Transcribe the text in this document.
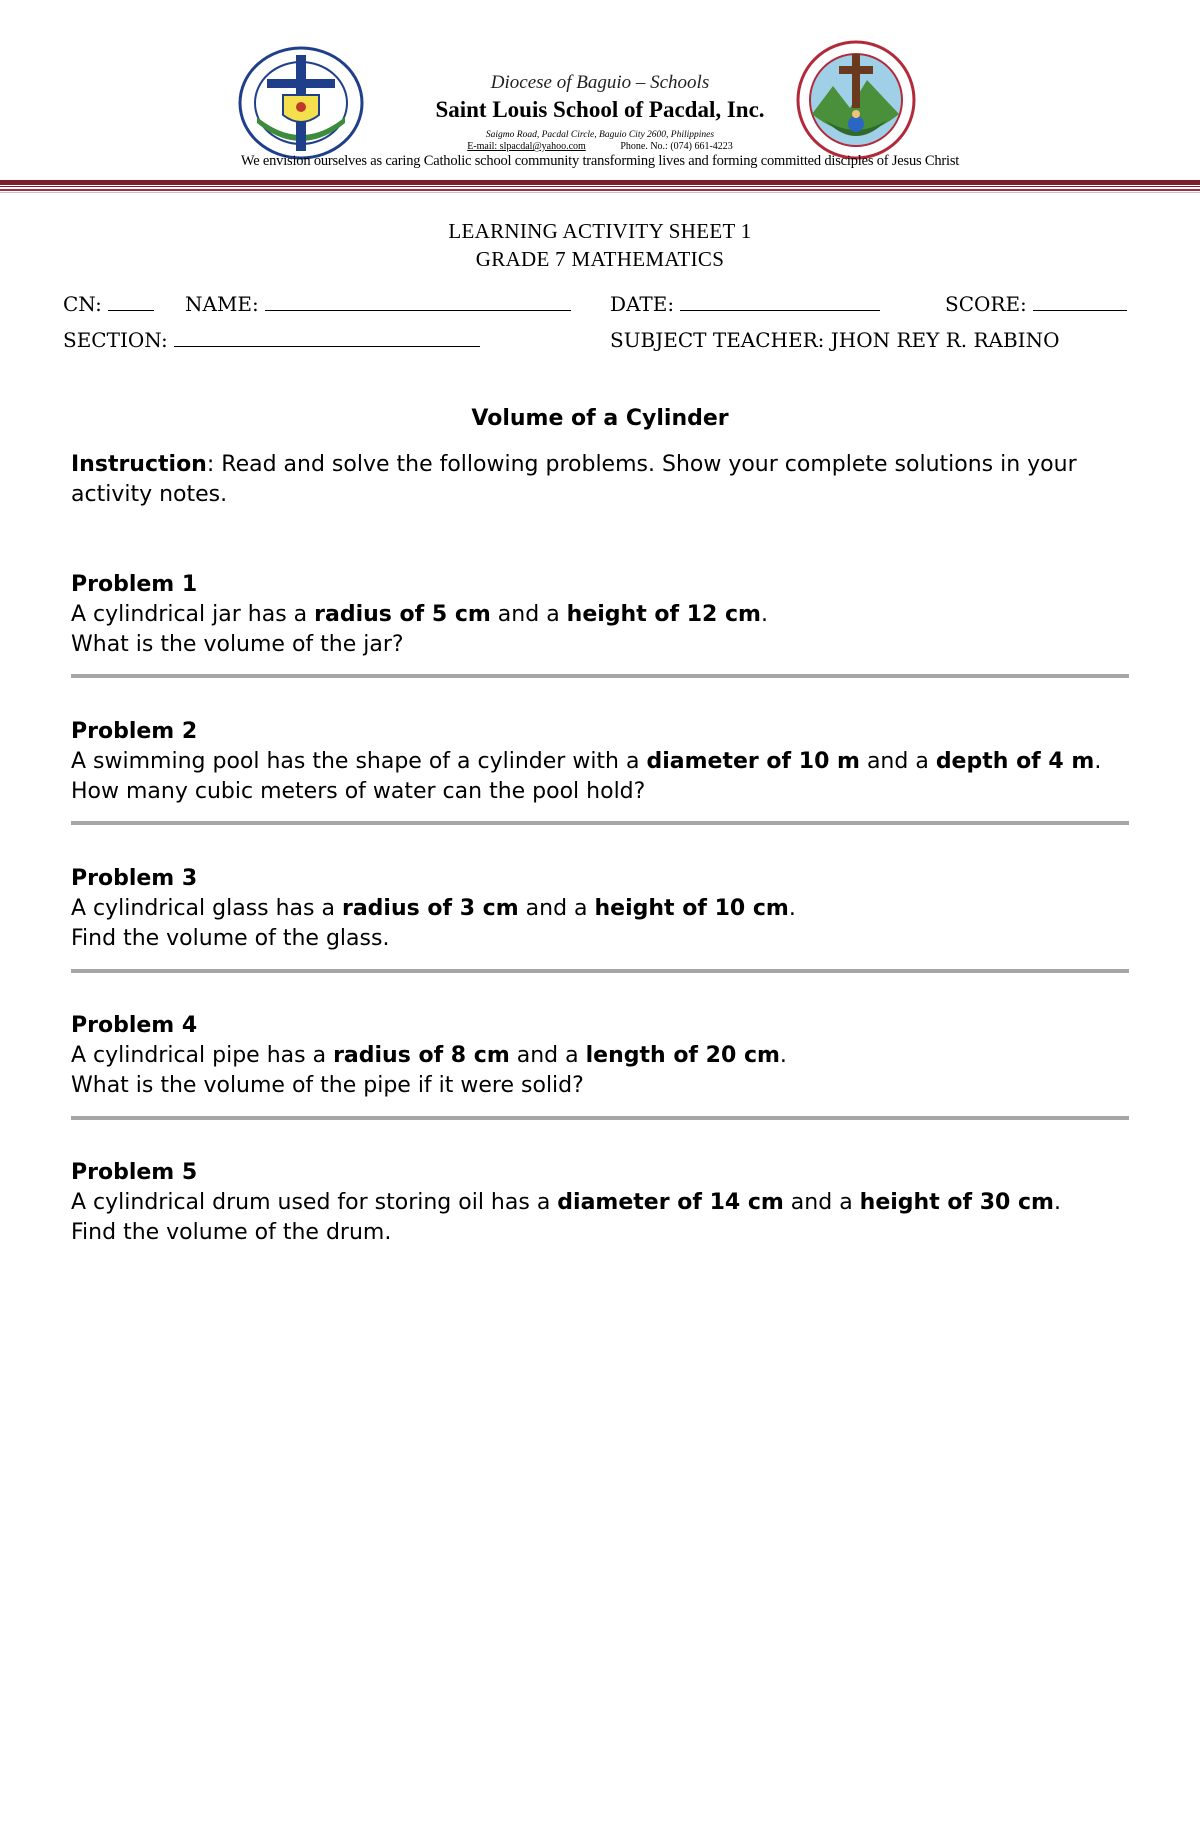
Diocese of Baguio – Schools
Saint Louis School of Pacdal, Inc.
Saigmo Road, Pacdal Circle, Baguio City 2600, Philippines
E-mail: slpacdal@yahoo.com	Phone. No.: (074) 661-4223
We envision ourselves as caring Catholic school community transforming lives and forming committed disciples of Jesus Christ
LEARNING ACTIVITY SHEET 1
GRADE 7 MATHEMATICS
CN:	NAME:	DATE:	SCORE:
SECTION:	SUBJECT TEACHER: JHON REY R. RABINO
Volume of a Cylinder
Instruction: Read and solve the following problems. Show your complete solutions in your activity notes.
Problem 1
A cylindrical jar has a radius of 5 cm and a height of 12 cm.
What is the volume of the jar?
Problem 2
A swimming pool has the shape of a cylinder with a diameter of 10 m and a depth of 4 m. How many cubic meters of water can the pool hold?
Problem 3
A cylindrical glass has a radius of 3 cm and a height of 10 cm.
Find the volume of the glass.
Problem 4
A cylindrical pipe has a radius of 8 cm and a length of 20 cm.
What is the volume of the pipe if it were solid?
Problem 5
A cylindrical drum used for storing oil has a diameter of 14 cm and a height of 30 cm.
Find the volume of the drum.
